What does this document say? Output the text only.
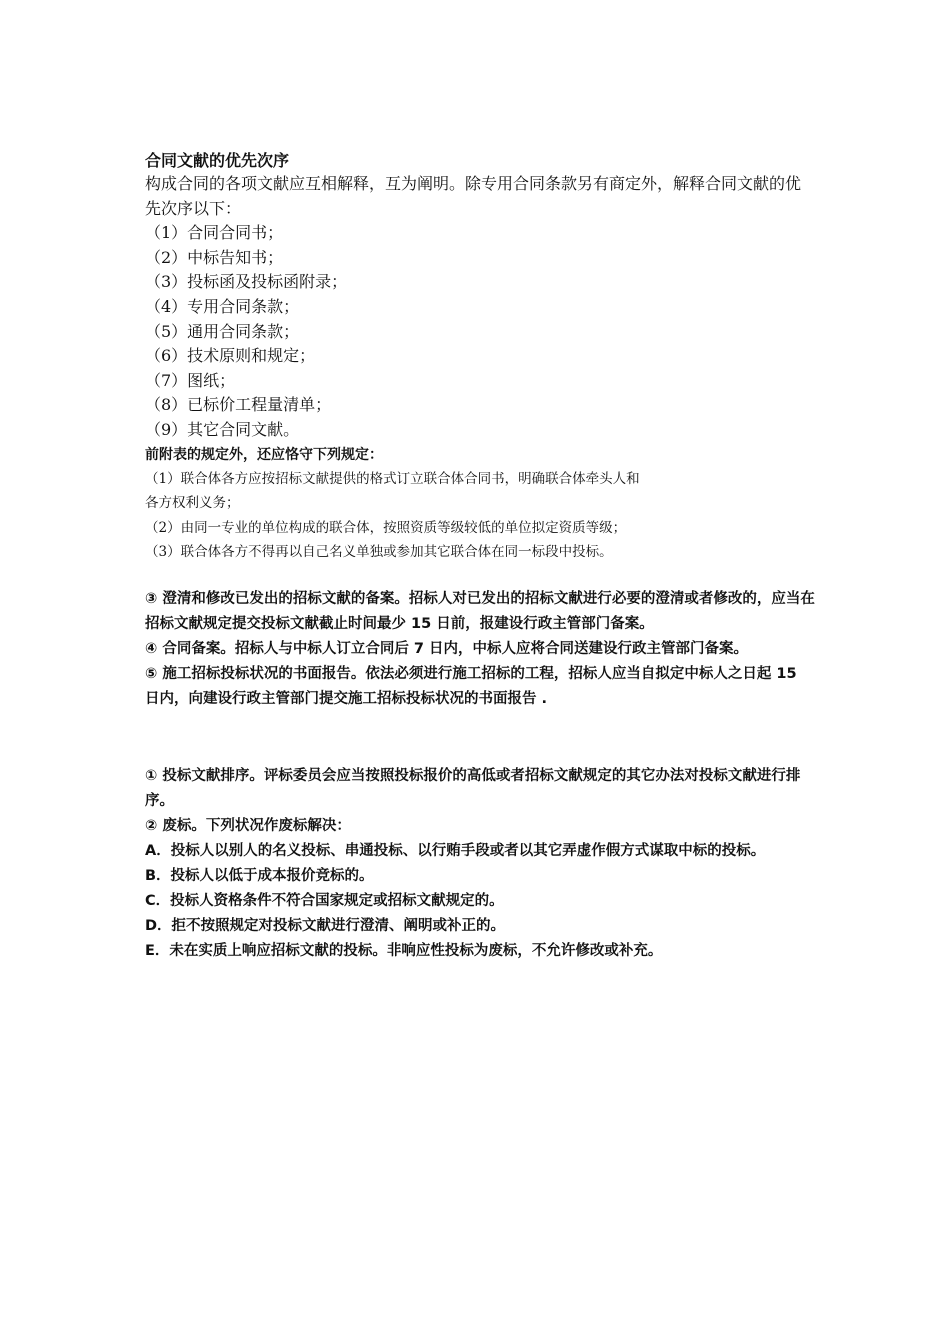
合同文献的优先次序

构成合同的各项文献应互相解释，互为阐明。除专用合同条款另有商定外，解释合同文献的优先次序以下：

（1）合同合同书；

（2）中标告知书；

（3）投标函及投标函附录；

（4）专用合同条款；

（5）通用合同条款；

（6）技术原则和规定；

（7）图纸；

（8）已标价工程量清单；

（9）其它合同文献。

前附表的规定外，还应恪守下列规定：

（1）联合体各方应按招标文献提供的格式订立联合体合同书，明确联合体牵头人和

各方权利义务；

（2）由同一专业的单位构成的联合体，按照资质等级较低的单位拟定资质等级；

（3）联合体各方不得再以自己名义单独或参加其它联合体在同一标段中投标。

③ 澄清和修改已发出的招标文献的备案。招标人对已发出的招标文献进行必要的澄清或者修改的，应当在招标文献规定提交投标文献截止时间最少 15 日前，报建设行政主管部门备案。

④ 合同备案。招标人与中标人订立合同后 7 日内，中标人应将合同送建设行政主管部门备案。

⑤ 施工招标投标状况的书面报告。依法必须进行施工招标的工程，招标人应当自拟定中标人之日起 15 日内，向建设行政主管部门提交施工招标投标状况的书面报告 .

① 投标文献排序。评标委员会应当按照投标报价的高低或者招标文献规定的其它办法对投标文献进行排序。

② 废标。下列状况作废标解决：

A．投标人以别人的名义投标、串通投标、以行贿手段或者以其它弄虚作假方式谋取中标的投标。

B．投标人以低于成本报价竞标的。

C．投标人资格条件不符合国家规定或招标文献规定的。

D．拒不按照规定对投标文献进行澄清、阐明或补正的。

E．未在实质上响应招标文献的投标。非响应性投标为废标，不允许修改或补充。
